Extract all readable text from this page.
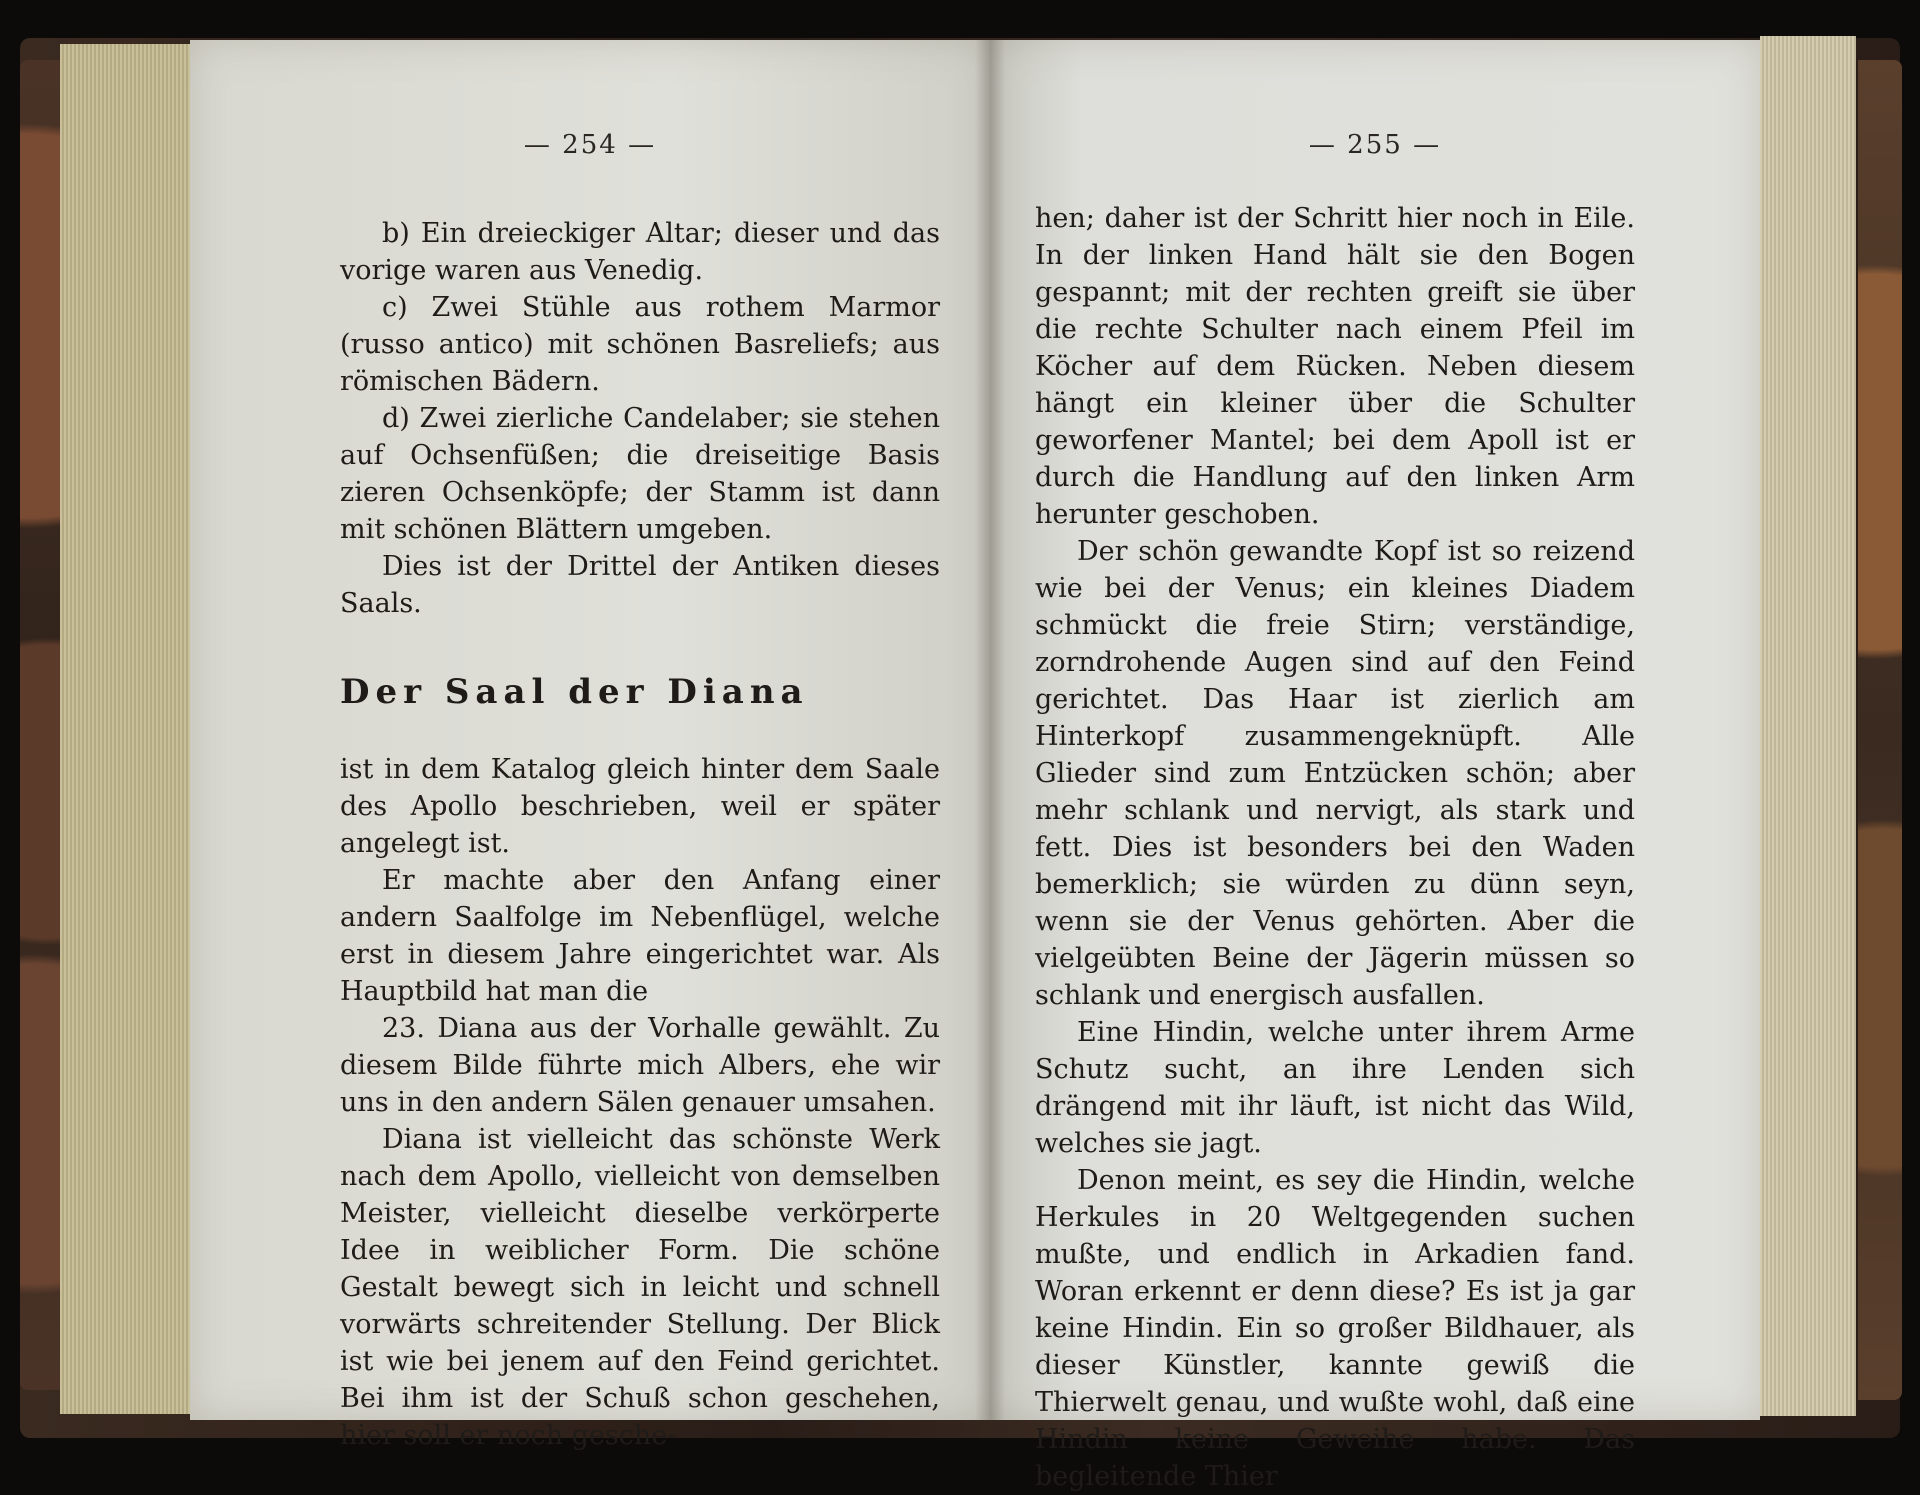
— 254 —

b) Ein dreieckiger Altar; dieser und das vorige waren aus Venedig.

c) Zwei Stühle aus rothem Marmor (russo antico) mit schönen Basreliefs; aus römischen Bädern.

d) Zwei zierliche Candelaber; sie stehen auf Ochsenfüßen; die dreiseitige Basis zieren Ochsenköpfe; der Stamm ist dann mit schönen Blättern umgeben.

Dies ist der Drittel der Antiken dieses Saals.

Der Saal der Diana

ist in dem Katalog gleich hinter dem Saale des Apollo beschrieben, weil er später angelegt ist.

Er machte aber den Anfang einer andern Saalfolge im Nebenflügel, welche erst in diesem Jahre eingerichtet war. Als Hauptbild hat man die

23. Diana aus der Vorhalle gewählt. Zu diesem Bilde führte mich Albers, ehe wir uns in den andern Sälen genauer umsahen.

Diana ist vielleicht das schönste Werk nach dem Apollo, vielleicht von demselben Meister, vielleicht dieselbe verkörperte Idee in weiblicher Form. Die schöne Gestalt bewegt sich in leicht und schnell vorwärts schreitender Stellung. Der Blick ist wie bei jenem auf den Feind gerichtet. Bei ihm ist der Schuß schon geschehen, hier soll er noch gesche-

— 255 —

hen; daher ist der Schritt hier noch in Eile. In der linken Hand hält sie den Bogen gespannt; mit der rechten greift sie über die rechte Schulter nach einem Pfeil im Köcher auf dem Rücken. Neben diesem hängt ein kleiner über die Schulter geworfener Mantel; bei dem Apoll ist er durch die Handlung auf den linken Arm herunter geschoben.

Der schön gewandte Kopf ist so reizend wie bei der Venus; ein kleines Diadem schmückt die freie Stirn; verständige, zorndrohende Augen sind auf den Feind gerichtet. Das Haar ist zierlich am Hinterkopf zusammengeknüpft. Alle Glieder sind zum Entzücken schön; aber mehr schlank und nervigt, als stark und fett. Dies ist besonders bei den Waden bemerklich; sie würden zu dünn seyn, wenn sie der Venus gehörten. Aber die vielgeübten Beine der Jägerin müssen so schlank und energisch ausfallen.

Eine Hindin, welche unter ihrem Arme Schutz sucht, an ihre Lenden sich drängend mit ihr läuft, ist nicht das Wild, welches sie jagt.

Denon meint, es sey die Hindin, welche Herkules in 20 Weltgegenden suchen mußte, und endlich in Arkadien fand. Woran erkennt er denn diese? Es ist ja gar keine Hindin. Ein so großer Bildhauer, als dieser Künstler, kannte gewiß die Thierwelt genau, und wußte wohl, daß eine Hindin keine Geweihe habe. Das begleitende Thier
